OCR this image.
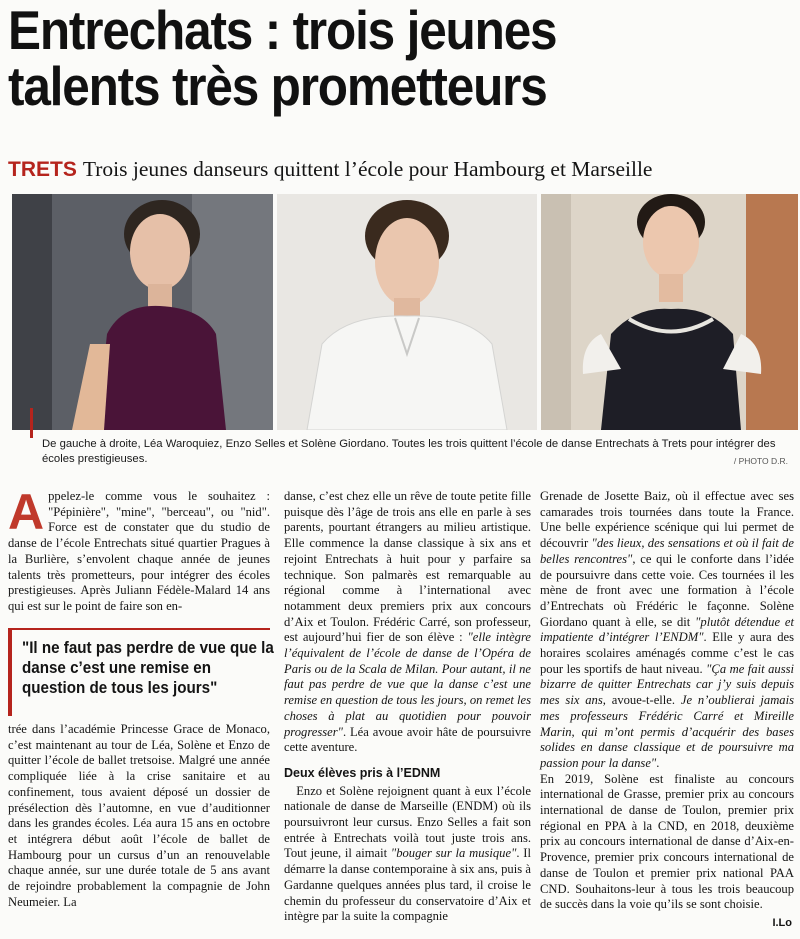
Entrechats : trois jeunes
talents très prometteurs
TRETS Trois jeunes danseurs quittent l’école pour Hambourg et Marseille
De gauche à droite, Léa Waroquiez, Enzo Selles et Solène Giordano. Toutes les trois quittent l’école de danse Entrechats à Trets pour intégrer des écoles prestigieuses.	/ PHOTO D.R.

Appelez-le comme vous le souhaitez : "Pépinière", "mine", "berceau", ou "nid". Force est de constater que du studio de danse de l’école Entrechats situé quartier Pragues à la Burlière, s’envolent chaque année de jeunes talents très prometteurs, pour intégrer des écoles prestigieuses. Après Juliann Fédèle-Malard 14 ans qui est sur le point de faire son en-

"Il ne faut pas perdre de vue que la danse c’est une remise en question de tous les jours"

trée dans l’académie Princesse Grace de Monaco, c’est maintenant au tour de Léa, Solène et Enzo de quitter l’école de ballet tretsoise. Malgré une année compliquée liée à la crise sanitaire et au confinement, tous avaient déposé un dossier de présélection dès l’automne, en vue d’auditionner dans les grandes écoles. Léa aura 15 ans en octobre et intégrera début août l’école de ballet de Hambourg pour un cursus d’un an renouvelable chaque année, sur une durée totale de 5 ans avant de rejoindre probablement la compagnie de John Neumeier. La

danse, c’est chez elle un rêve de toute petite fille puisque dès l’âge de trois ans elle en parle à ses parents, pourtant étrangers au milieu artistique. Elle commence la danse classique à six ans et rejoint Entrechats à huit pour y parfaire sa technique. Son palmarès est remarquable au régional comme à l’international avec notamment deux premiers prix aux concours d’Aix et Toulon. Frédéric Carré, son professeur, est aujourd’hui fier de son élève : "elle intègre l’équivalent de l’école de danse de l’Opéra de Paris ou de la Scala de Milan. Pour autant, il ne faut pas perdre de vue que la danse c’est une remise en question de tous les jours, on remet les choses à plat au quotidien pour pouvoir progresser". Léa avoue avoir hâte de poursuivre cette aventure.

Deux élèves pris à l’EDNM

Enzo et Solène rejoignent quant à eux l’école nationale de danse de Marseille (ENDM) où ils poursuivront leur cursus. Enzo Selles a fait son entrée à Entrechats voilà tout juste trois ans. Tout jeune, il aimait "bouger sur la musique". Il démarre la danse contemporaine à six ans, puis à Gardanne quelques années plus tard, il croise le chemin du professeur du conservatoire d’Aix et intègre par la suite la compagnie

Grenade de Josette Baiz, où il effectue avec ses camarades trois tournées dans toute la France. Une belle expérience scénique qui lui permet de découvrir "des lieux, des sensations et où il fait de belles rencontres", ce qui le conforte dans l’idée de poursuivre dans cette voie. Ces tournées il les mène de front avec une formation à l’école d’Entrechats où Frédéric le façonne. Solène Giordano quant à elle, se dit "plutôt détendue et impatiente d’intégrer l’ENDM". Elle y aura des horaires scolaires aménagés comme c’est le cas pour les sportifs de haut niveau. "Ça me fait aussi bizarre de quitter Entrechats car j’y suis depuis mes six ans, avoue-t-elle. Je n’oublierai jamais mes professeurs Frédéric Carré et Mireille Marin, qui m’ont permis d’acquérir des bases solides en danse classique et de poursuivre ma passion pour la danse".

En 2019, Solène est finaliste au concours international de Grasse, premier prix au concours international de danse de Toulon, premier prix régional en PPA à la CND, en 2018, deuxième prix au concours international de danse d’Aix-en-Provence, premier prix concours international de danse de Toulon et premier prix national PAA CND. Souhaitons-leur à tous les trois beaucoup de succès dans la voie qu’ils se sont choisie.

I.Lo
